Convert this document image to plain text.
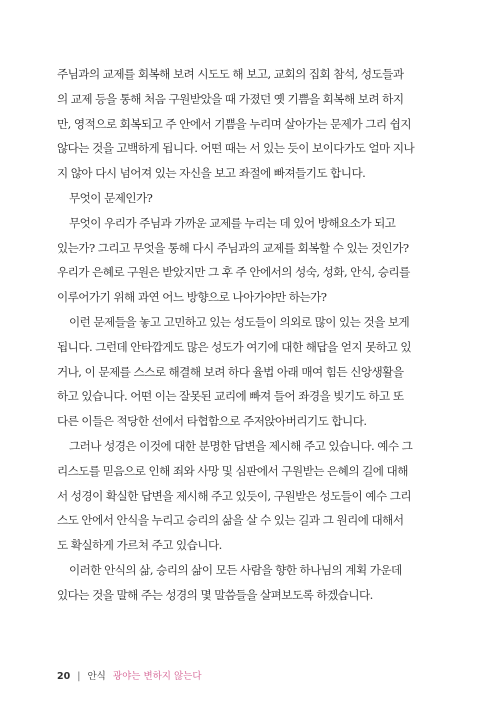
주님과의 교제를 회복해 보려 시도도 해 보고, 교회의 집회 참석, 성도들과
의 교제 등을 통해 처음 구원받았을 때 가졌던 옛 기쁨을 회복해 보려 하지
만, 영적으로 회복되고 주 안에서 기쁨을 누리며 살아가는 문제가 그리 쉽지
않다는 것을 고백하게 됩니다. 어떤 때는 서 있는 듯이 보이다가도 얼마 지나
지 않아 다시 넘어져 있는 자신을 보고 좌절에 빠져들기도 합니다.

무엇이 문제인가?

무엇이 우리가 주님과 가까운 교제를 누리는 데 있어 방해요소가 되고
있는가? 그리고 무엇을 통해 다시 주님과의 교제를 회복할 수 있는 것인가?
우리가 은혜로 구원은 받았지만 그 후 주 안에서의 성숙, 성화, 안식, 승리를
이루어가기 위해 과연 어느 방향으로 나아가야만 하는가?

이런 문제들을 놓고 고민하고 있는 성도들이 의외로 많이 있는 것을 보게
됩니다. 그런데 안타깝게도 많은 성도가 여기에 대한 해답을 얻지 못하고 있
거나, 이 문제를 스스로 해결해 보려 하다 율법 아래 매여 힘든 신앙생활을
하고 있습니다. 어떤 이는 잘못된 교리에 빠져 들어 좌경을 빚기도 하고 또
다른 이들은 적당한 선에서 타협함으로 주저앉아버리기도 합니다.

그러나 성경은 이것에 대한 분명한 답변을 제시해 주고 있습니다. 예수 그
리스도를 믿음으로 인해 죄와 사망 및 심판에서 구원받는 은혜의 길에 대해
서 성경이 확실한 답변을 제시해 주고 있듯이, 구원받은 성도들이 예수 그리
스도 안에서 안식을 누리고 승리의 삶을 살 수 있는 길과 그 원리에 대해서
도 확실하게 가르쳐 주고 있습니다.

이러한 안식의 삶, 승리의 삶이 모든 사람을 향한 하나님의 계획 가운데
있다는 것을 말해 주는 성경의 몇 말씀들을 살펴보도록 하겠습니다.

20 | 안식 광야는 변하지 않는다
